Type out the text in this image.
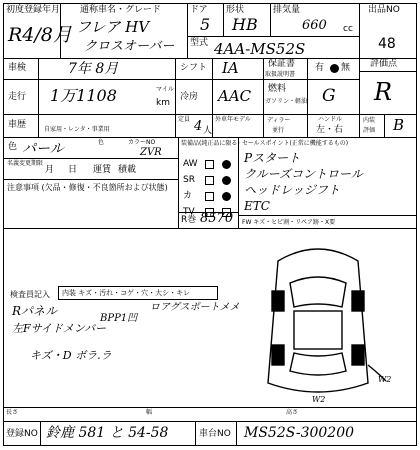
初度登録年月
R4/8月
通称車名・グレード
フレア HV
クロスオーバー
ドア
5
形状
HB
排気量
660 cc
出品NO
48
型式 4AA-MS52S
車検	7年 8月	シフト IA	保証書
取扱説明書
有 無 評価点
R
走行 1万1108	マイル
km
冷房 AAC 燃料
ガソリン・軽油 G
車歴	自家用・レンタ・事業用
定員 4 人
外車年モデル	ディラー
並行
ハンドル
左・右
内装
評価 B
色 パール	色	カラーNO
ZVR
名義変更期限
月 日 運賃 積載
注意事項 (欠品・修復・不良箇所および状態)
装備品(純正品に限る)
AW
SR
カ
TV
R巻 8570
セールスポイント(正常に機能するもの)
Pスタート
クルーズコントロール
ヘッドレッジフト
ETC
FW キズ・ヒビ割・リペア跡・X要
検査員記入 内装 キズ・汚れ・コゲ・穴・大シ・キレ
Rパネル
BPP1凹
ロアグスポートメメ
左Fサイドメンバー
キズ・D ボラ.ラ
W2
W2
長さ	幅	高さ
登録NO 鈴鹿 581 と 54-58	車台NO MS52S-300200
